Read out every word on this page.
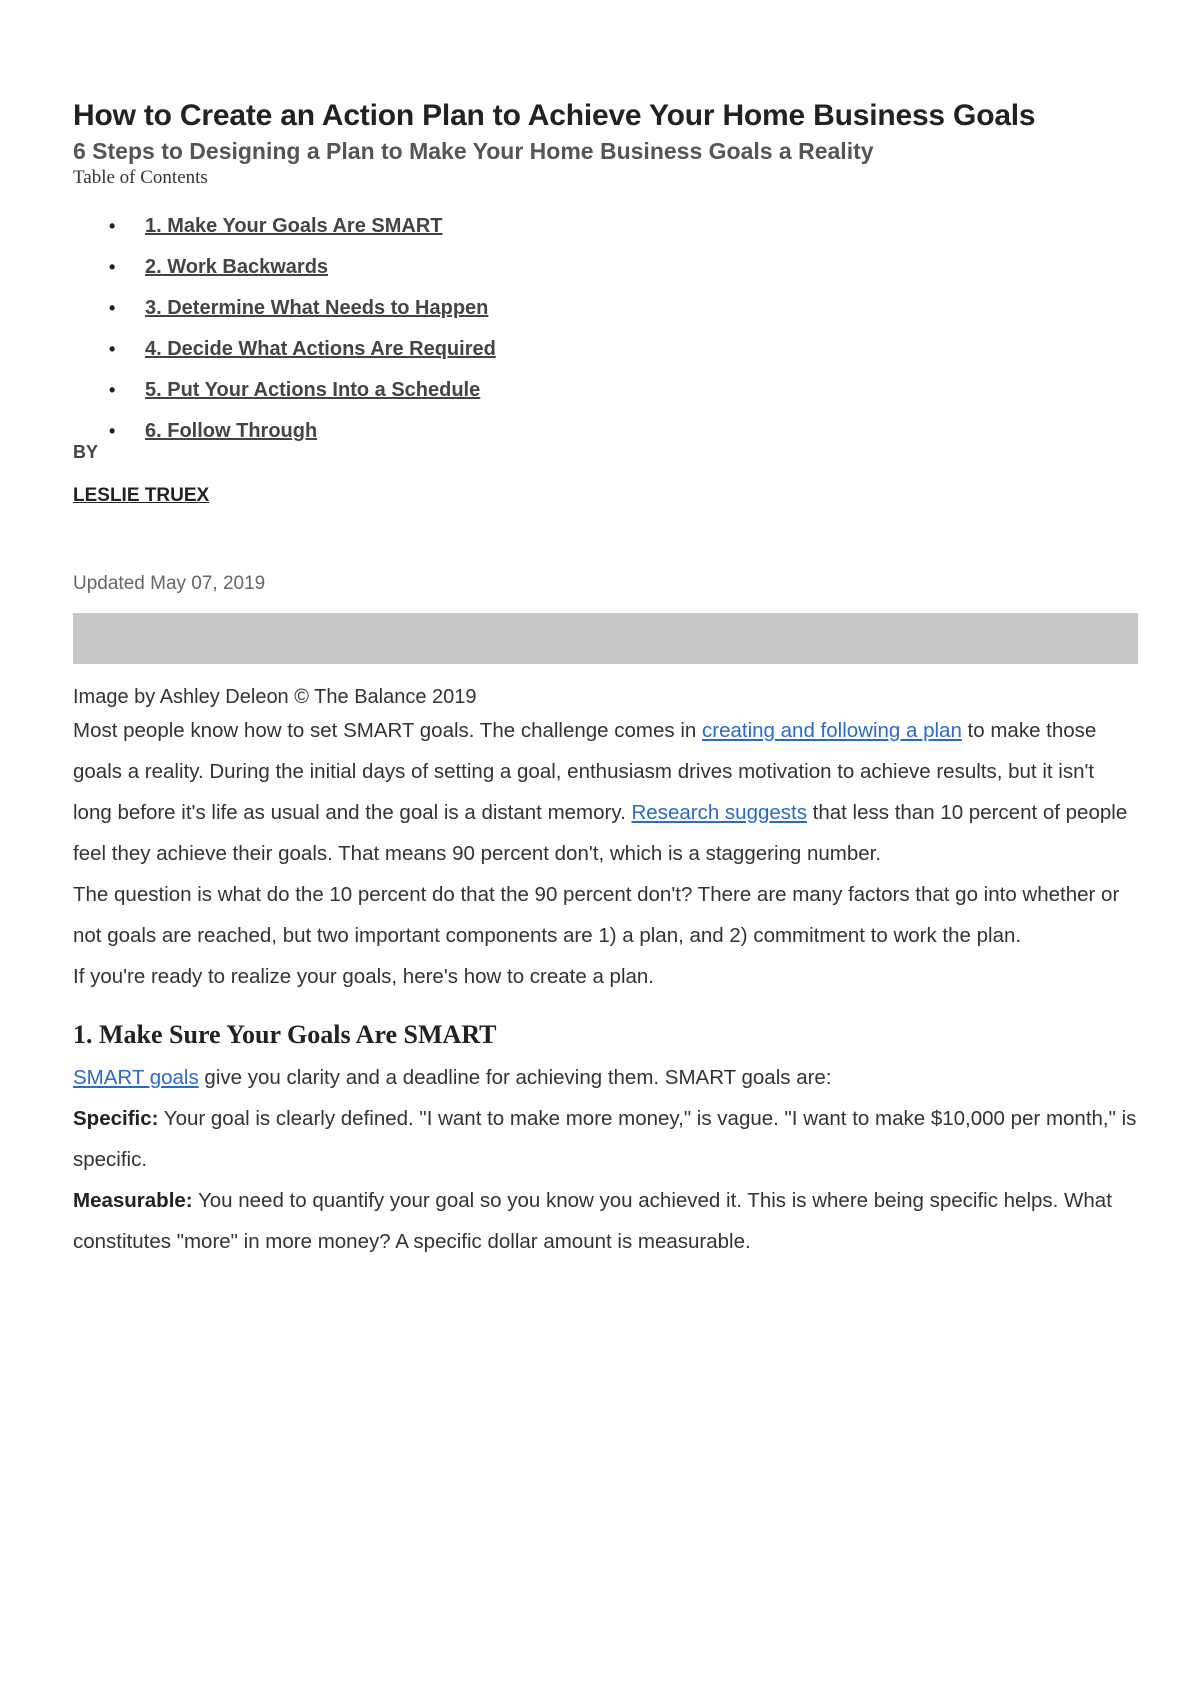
How to Create an Action Plan to Achieve Your Home Business Goals
6 Steps to Designing a Plan to Make Your Home Business Goals a Reality
Table of Contents
• 1. Make Your Goals Are SMART
• 2. Work Backwards
• 3. Determine What Needs to Happen
• 4. Decide What Actions Are Required
• 5. Put Your Actions Into a Schedule
• 6. Follow Through
BY
LESLIE TRUEX
Updated May 07, 2019
Image by Ashley Deleon © The Balance 2019

Most people know how to set SMART goals. The challenge comes in creating and following a plan to make those goals a reality. During the initial days of setting a goal, enthusiasm drives motivation to achieve results, but it isn't long before it's life as usual and the goal is a distant memory. Research suggests that less than 10 percent of people feel they achieve their goals. That means 90 percent don't, which is a staggering number.

The question is what do the 10 percent do that the 90 percent don't? There are many factors that go into whether or not goals are reached, but two important components are 1) a plan, and 2) commitment to work the plan.

If you're ready to realize your goals, here's how to create a plan.

1. Make Sure Your Goals Are SMART

SMART goals give you clarity and a deadline for achieving them. SMART goals are:

Specific: Your goal is clearly defined. "I want to make more money," is vague. "I want to make $10,000 per month," is specific.

Measurable: You need to quantify your goal so you know you achieved it. This is where being specific helps. What constitutes "more" in more money? A specific dollar amount is measurable.
